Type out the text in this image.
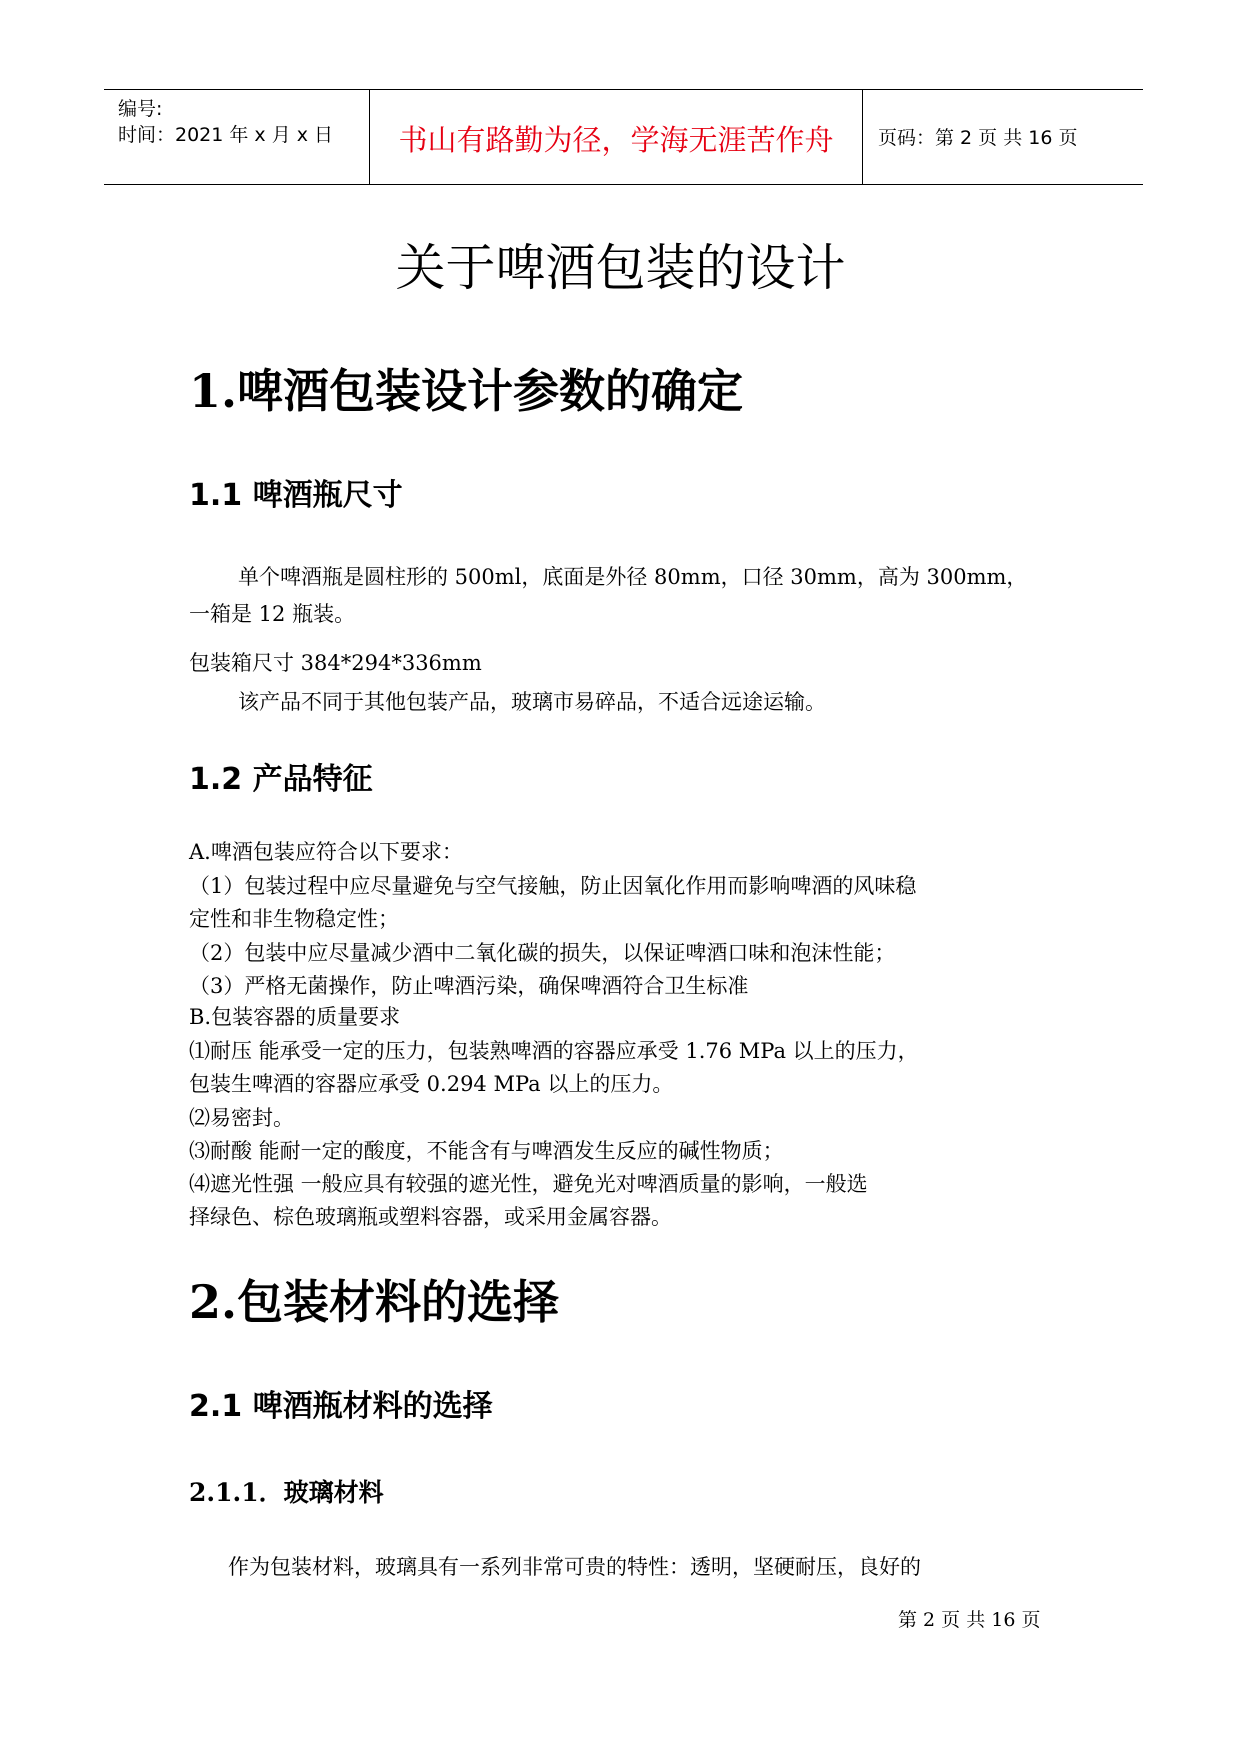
编号:
时间：2021 年 x 月 x 日	书山有路勤为径，学海无涯苦作舟	页码：第 2 页 共 16 页
关于啤酒包装的设计
1.啤酒包装设计参数的确定
1.1 啤酒瓶尺寸

单个啤酒瓶是圆柱形的 500ml，底面是外径 80mm，口径 30mm，高为 300mm，

一箱是 12 瓶装。

包装箱尺寸 384*294*336mm

该产品不同于其他包装产品，玻璃市易碎品，不适合远途运输。

1.2 产品特征

A.啤酒包装应符合以下要求：

（1）包装过程中应尽量避免与空气接触，防止因氧化作用而影响啤酒的风味稳

定性和非生物稳定性；

（2）包装中应尽量减少酒中二氧化碳的损失，以保证啤酒口味和泡沫性能；

（3）严格无菌操作，防止啤酒污染，确保啤酒符合卫生标准

B.包装容器的质量要求

⑴耐压 能承受一定的压力，包装熟啤酒的容器应承受 1.76 MPa 以上的压力，

包装生啤酒的容器应承受 0.294 MPa 以上的压力。

⑵易密封。

⑶耐酸 能耐一定的酸度，不能含有与啤酒发生反应的碱性物质；

⑷遮光性强 一般应具有较强的遮光性，避免光对啤酒质量的影响，一般选

择绿色、棕色玻璃瓶或塑料容器，或采用金属容器。

2.包装材料的选择
2.1 啤酒瓶材料的选择
2.1.1．玻璃材料

作为包装材料，玻璃具有一系列非常可贵的特性：透明，坚硬耐压，良好的

第 2 页 共 16 页
